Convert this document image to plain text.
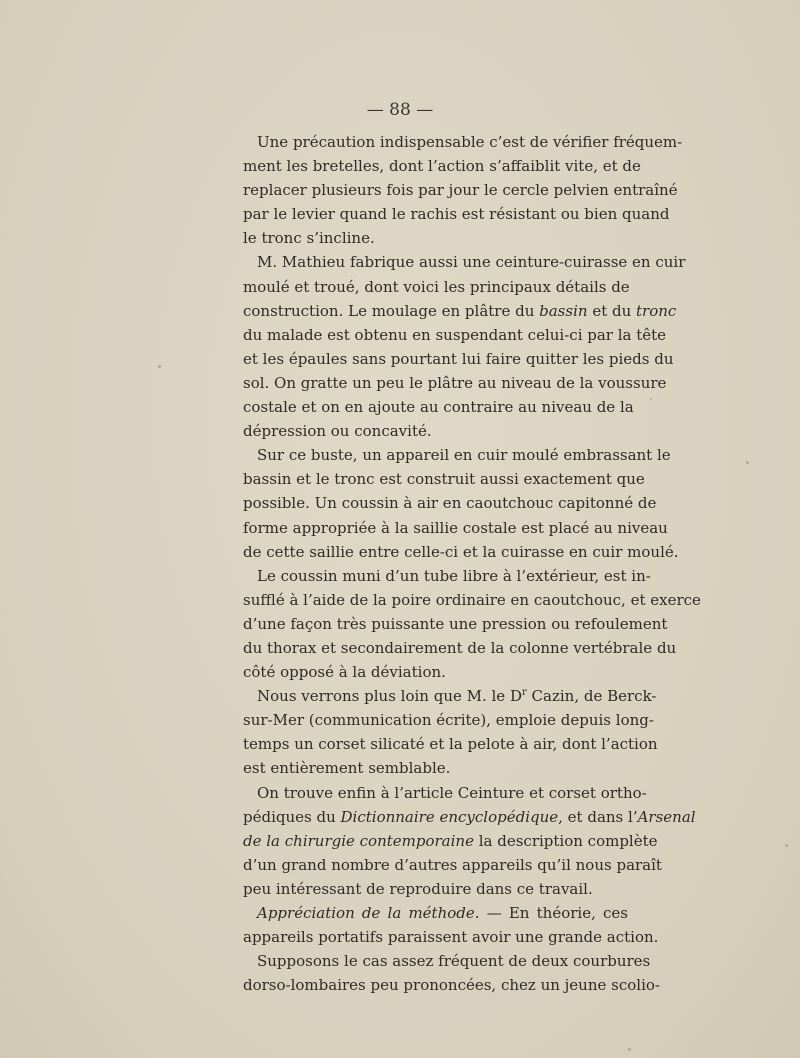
— 88 —
Une précaution indispensable c’est de vérifier fréquem-
ment les bretelles, dont l’action s’affaiblit vite, et de
replacer plusieurs fois par jour le cercle pelvien entraîné
par le levier quand le rachis est résistant ou bien quand
le tronc s’incline.
M. Mathieu fabrique aussi une ceinture-cuirasse en cuir
moulé et troué, dont voici les principaux détails de
construction. Le moulage en plâtre du bassin et du tronc
du malade est obtenu en suspendant celui-ci par la tête
et les épaules sans pourtant lui faire quitter les pieds du
sol. On gratte un peu le plâtre au niveau de la voussure
costale et on en ajoute au contraire au niveau de la
dépression ou concavité.
Sur ce buste, un appareil en cuir moulé embrassant le
bassin et le tronc est construit aussi exactement que
possible. Un coussin à air en caoutchouc capitonné de
forme appropriée à la saillie costale est placé au niveau
de cette saillie entre celle-ci et la cuirasse en cuir moulé.
Le coussin muni d’un tube libre à l’extérieur, est in-
sufflé à l’aide de la poire ordinaire en caoutchouc, et exerce
d’une façon très puissante une pression ou refoulement
du thorax et secondairement de la colonne vertébrale du
côté opposé à la déviation.
Nous verrons plus loin que M. le $D^r$ Cazin, de Berck-
sur-Mer (communication écrite), emploie depuis long-
temps un corset silicaté et la pelote à air, dont l’action
est entièrement semblable.
On trouve enfin à l’article Ceinture et corset ortho-
pédiques du Dictionnaire encyclopédique, et dans l’Arsenal
de la chirurgie contemporaine la description complète
d’un grand nombre d’autres appareils qu’il nous paraît
peu intéressant de reproduire dans ce travail.
Appréciation de la méthode. — En théorie, ces
appareils portatifs paraissent avoir une grande action.
Supposons le cas assez fréquent de deux courbures
dorso-lombaires peu prononcées, chez un jeune scolio-
